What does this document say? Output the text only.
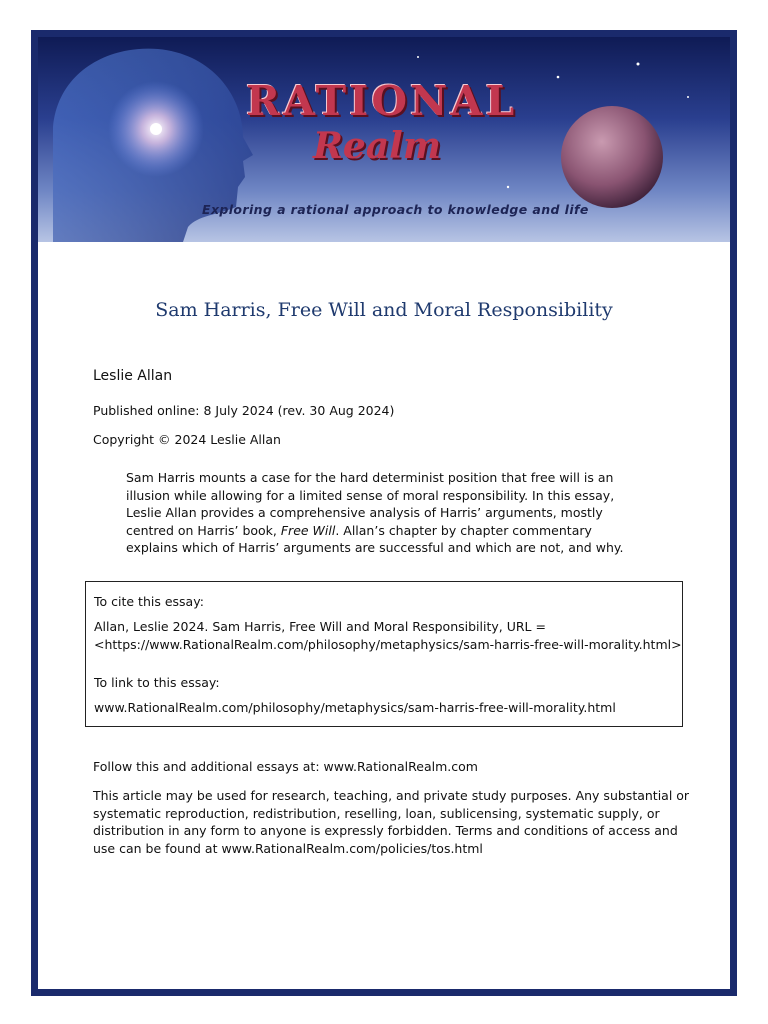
RATIONAL
Realm
Exploring a rational approach to knowledge and life
Sam Harris, Free Will and Moral Responsibility
Leslie Allan
Published online: 8 July 2024 (rev. 30 Aug 2024)
Copyright © 2024 Leslie Allan
Sam Harris mounts a case for the hard determinist position that free will is an illusion while allowing for a limited sense of moral responsibility. In this essay, Leslie Allan provides a comprehensive analysis of Harris’ arguments, mostly centred on Harris’ book, Free Will. Allan’s chapter by chapter commentary explains which of Harris’ arguments are successful and which are not, and why.
To cite this essay:
Allan, Leslie 2024. Sam Harris, Free Will and Moral Responsibility, URL =
<https://www.RationalRealm.com/philosophy/metaphysics/sam-harris-free-will-morality.html>
To link to this essay:
www.RationalRealm.com/philosophy/metaphysics/sam-harris-free-will-morality.html
Follow this and additional essays at: www.RationalRealm.com
This article may be used for research, teaching, and private study purposes. Any substantial or systematic reproduction, redistribution, reselling, loan, sublicensing, systematic supply, or distribution in any form to anyone is expressly forbidden. Terms and conditions of access and use can be found at www.RationalRealm.com/policies/tos.html
